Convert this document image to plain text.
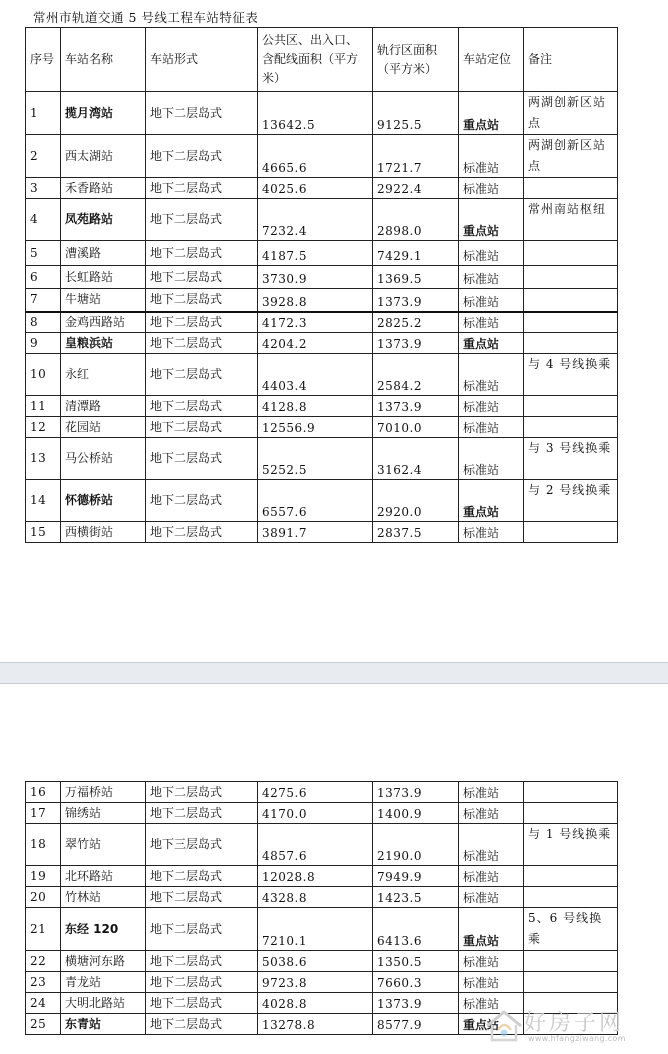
常州市轨道交通 5 号线工程车站特征表
序号	车站名称	车站形式	公共区、出入口、含配线面积（平方米）	轨行区面积（平方米）	车站定位	备注
1	揽月湾站	地下二层岛式	13642.5	9125.5	重点站	两湖创新区站点
2	西太湖站	地下二层岛式	4665.6	1721.7	标准站	两湖创新区站点
3	禾香路站	地下二层岛式	4025.6	2922.4	标准站	
4	凤苑路站	地下二层岛式	7232.4	2898.0	重点站	常州南站枢纽
5	漕溪路	地下二层岛式	4187.5	7429.1	标准站	
6	长虹路站	地下二层岛式	3730.9	1369.5	标准站	
7	牛塘站	地下二层岛式	3928.8	1373.9	标准站	
8	金鸡西路站	地下二层岛式	4172.3	2825.2	标准站	
9	皇粮浜站	地下二层岛式	4204.2	1373.9	重点站	
10	永红	地下二层岛式	4403.4	2584.2	标准站	与 4 号线换乘
11	清潭路	地下二层岛式	4128.8	1373.9	标准站	
12	花园站	地下二层岛式	12556.9	7010.0	标准站	
13	马公桥站	地下二层岛式	5252.5	3162.4	标准站	与 3 号线换乘
14	怀德桥站	地下二层岛式	6557.6	2920.0	重点站	与 2 号线换乘
15	西横街站	地下二层岛式	3891.7	2837.5	标准站	
16	万福桥站	地下二层岛式	4275.6	1373.9	标准站	
17	锦绣站	地下二层岛式	4170.0	1400.9	标准站	
18	翠竹站	地下三层岛式	4857.6	2190.0	标准站	与 1 号线换乘
19	北环路站	地下二层岛式	12028.8	7949.9	标准站	
20	竹林站	地下二层岛式	4328.8	1423.5	标准站	
21	东经 120	地下二层岛式	7210.1	6413.6	重点站	5、6 号线换乘
22	横塘河东路	地下二层岛式	5038.6	1350.5	标准站	
23	青龙站	地下二层岛式	9723.8	7660.3	标准站	
24	大明北路站	地下二层岛式	4028.8	1373.9	标准站	
25	东青站	地下二层岛式	13278.8	8577.9	重点站	好房子网
www.hfangziwang.com
